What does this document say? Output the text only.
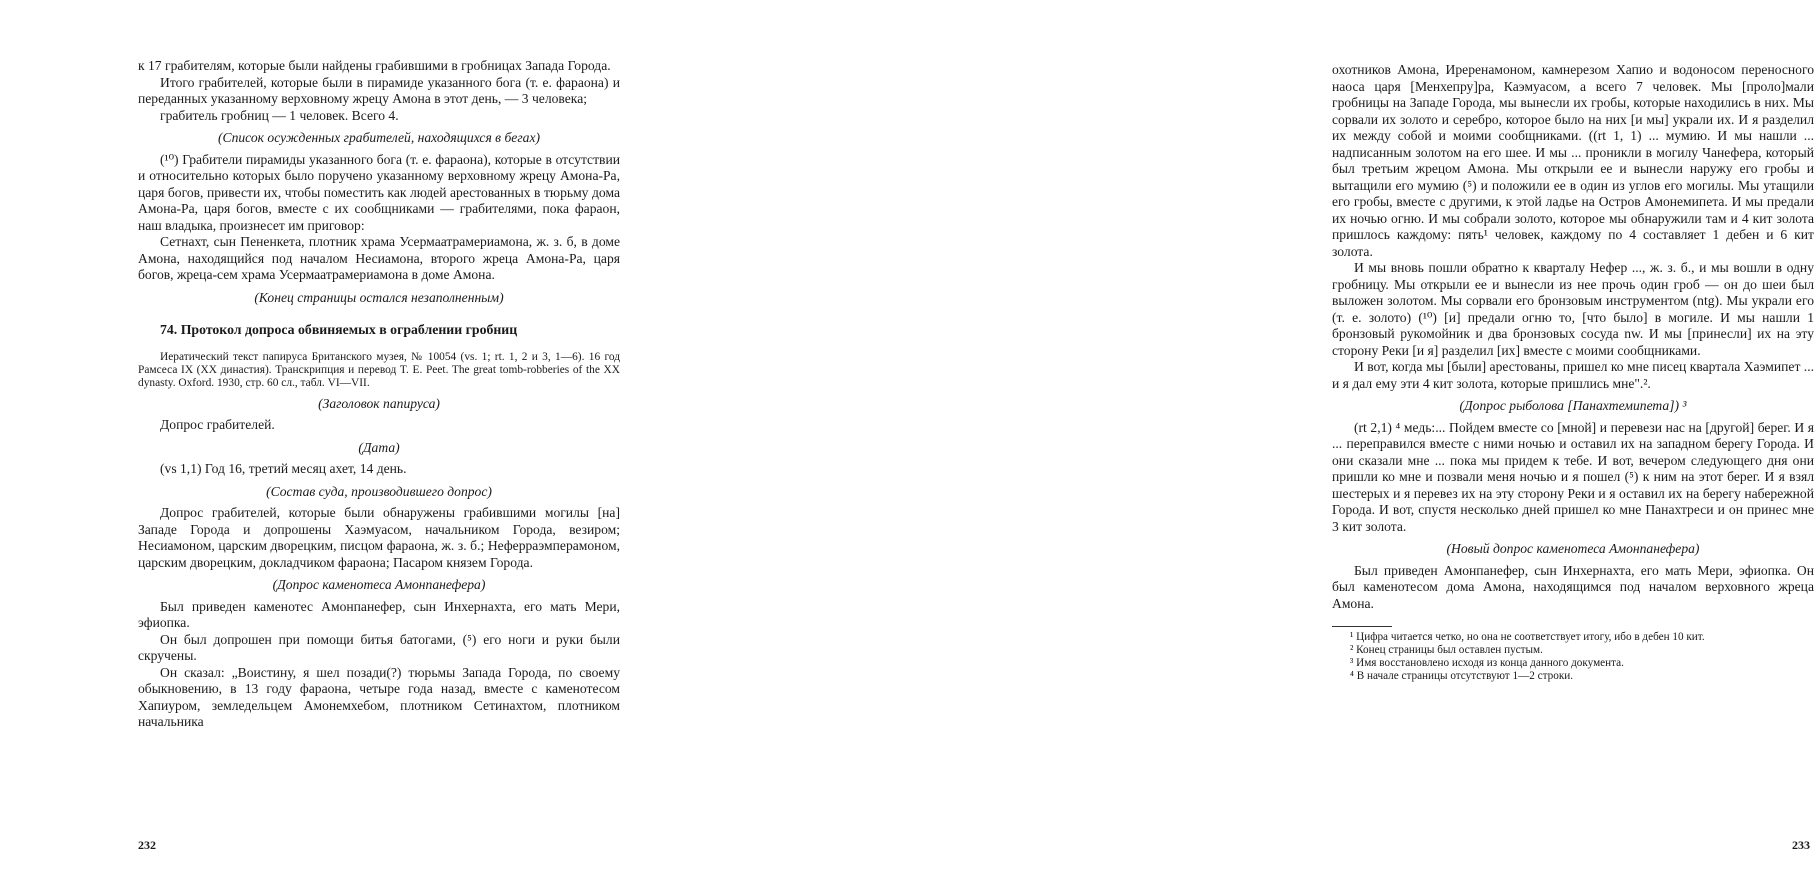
к 17 грабителям, которые были найдены грабившими в гробницах Запада Города.

Итого грабителей, которые были в пирамиде указанного бога (т. е. фараона) и переданных указанному верховному жрецу Амона в этот день, — 3 человека;

грабитель гробниц — 1 человек. Всего 4.

(Список осужденных грабителей, находящихся в бегах)

(¹⁰) Грабители пирамиды указанного бога (т. е. фараона), которые в отсутствии и относительно которых было поручено указанному верховному жрецу Амона-Ра, царя богов, привести их, чтобы поместить как людей арестованных в тюрьму дома Амона-Ра, царя богов, вместе с их сообщниками — грабителями, пока фараон, наш владыка, произнесет им приговор:

Сетнахт, сын Пененкета, плотник храма Усермаатрамериамона, ж. з. б, в доме Амона, находящийся под началом Несиамона, второго жреца Амона-Ра, царя богов, жреца-сем храма Усермаатрамериамона в доме Амона.

(Конец страницы остался незаполненным)

74. Протокол допроса обвиняемых в ограблении гробниц

Иератический текст папируса Британского музея, № 10054 (vs. 1; rt. 1, 2 и 3, 1—6). 16 год Рамсеса IX (XX династия). Транскрипция и перевод T. E. Peet. The great tomb-robberies of the XX dynasty. Oxford. 1930, стр. 60 сл., табл. VI—VII.

(Заголовок папируса)

Допрос грабителей.

(Дата)

(vs 1,1) Год 16, третий месяц ахет, 14 день.

(Состав суда, производившего допрос)

Допрос грабителей, которые были обнаружены грабившими могилы [на] Западе Города и допрошены Хаэмуасом, начальником Города, везиром; Несиамоном, царским дворецким, писцом фараона, ж. з. б.; Неферраэмперамоном, царским дворецким, докладчиком фараона; Пасаром князем Города.

(Допрос каменотеса Амонпанефера)

Был приведен каменотес Амонпанефер, сын Инхернахта, его мать Мери, эфиопка.

Он был допрошен при помощи битья батогами, (⁵) его ноги и руки были скручены.

Он сказал: „Воистину, я шел позади(?) тюрьмы Запада Города, по своему обыкновению, в 13 году фараона, четыре года назад, вместе с каменотесом Хапиуром, земледельцем Амонемхебом, плотником Сетинахтом, плотником начальника

232

охотников Амона, Иреренамоном, камнерезом Хапио и водоносом переносного наоса царя [Менхепру]ра, Каэмуасом, а всего 7 человек. Мы [проло]мали гробницы на Западе Города, мы вынесли их гробы, которые находились в них. Мы сорвали их золото и серебро, которое было на них [и мы] украли их. И я разделил их между собой и моими сообщниками. ((rt 1, 1) ... мумию. И мы нашли ... надписанным золотом на его шее. И мы ... проникли в могилу Чанефера, который был третьим жрецом Амона. Мы открыли ее и вынесли наружу его гробы и вытащили его мумию (⁵) и положили ее в один из углов его могилы. Мы утащили его гробы, вместе с другими, к этой ладье на Остров Амонемипета. И мы предали их ночью огню. И мы собрали золото, которое мы обнаружили там и 4 кит золота пришлось каждому: пять¹ человек, каждому по 4 составляет 1 дебен и 6 кит золота.

И мы вновь пошли обратно к кварталу Нефер ..., ж. з. б., и мы вошли в одну гробницу. Мы открыли ее и вынесли из нее прочь один гроб — он до шеи был выложен золотом. Мы сорвали его бронзовым инструментом (ntg). Мы украли его (т. е. золото) (¹⁰) [и] предали огню то, [что было] в могиле. И мы нашли 1 бронзовый рукомойник и два бронзовых сосуда nw. И мы [принесли] их на эту сторону Реки [и я] разделил [их] вместе с моими сообщниками.

И вот, когда мы [были] арестованы, пришел ко мне писец квартала Хаэмипет ... и я дал ему эти 4 кит золота, которые пришлись мне".².

(Допрос рыболова [Панахтемипета]) ³

(rt 2,1) ⁴ медь:... Пойдем вместе со [мной] и перевези нас на [другой] берег. И я ... переправился вместе с ними ночью и оставил их на западном берегу Города. И они сказали мне ... пока мы придем к тебе. И вот, вечером следующего дня они пришли ко мне и позвали меня ночью и я пошел (⁵) к ним на этот берег. И я взял шестерых и я перевез их на эту сторону Реки и я оставил их на берегу набережной Города. И вот, спустя несколько дней пришел ко мне Панахтреси и он принес мне 3 кит золота.

(Новый допрос каменотеса Амонпанефера)

Был приведен Амонпанефер, сын Инхернахта, его мать Мери, эфиопка. Он был каменотесом дома Амона, находящимся под началом верховного жреца Амона.

¹ Цифра читается четко, но она не соответствует итогу, ибо в дебен 10 кит.

² Конец страницы был оставлен пустым.

³ Имя восстановлено исходя из конца данного документа.

⁴ В начале страницы отсутствуют 1—2 строки.

233
